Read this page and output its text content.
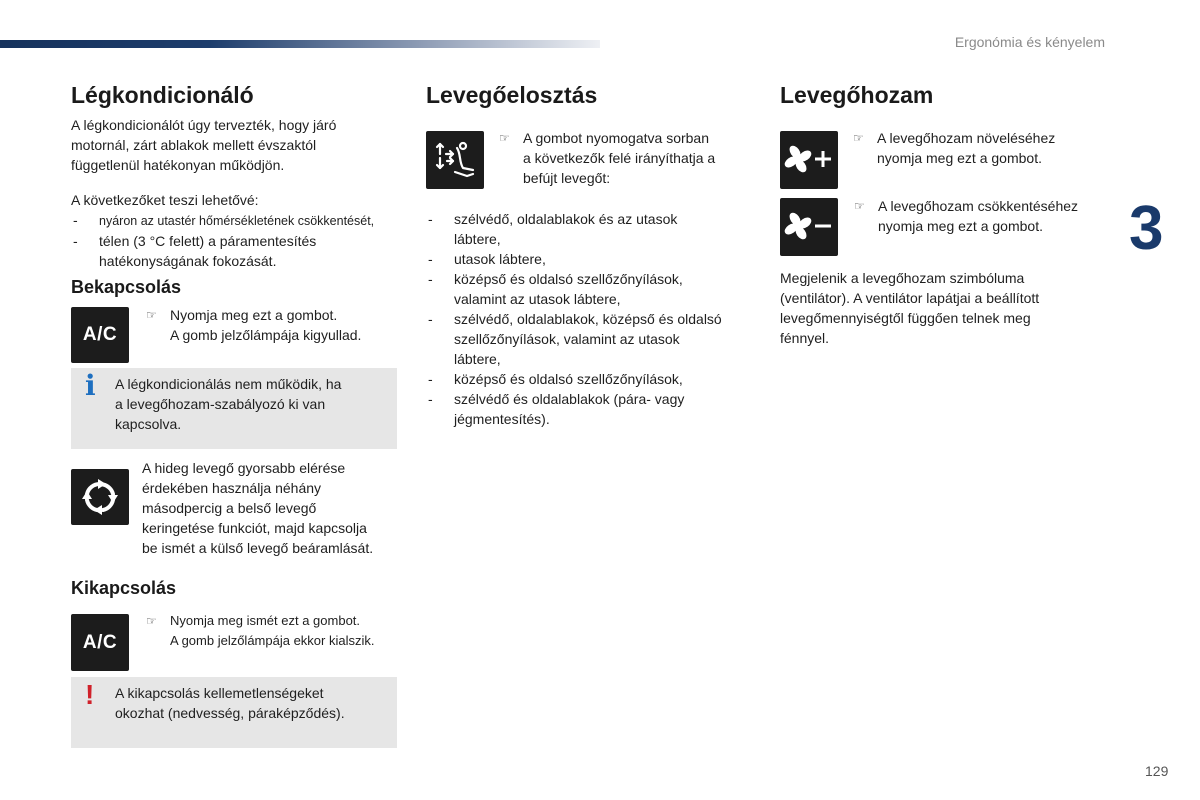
Ergonómia és kényelem
3
129
Légkondicionáló
A légkondicionálót úgy tervezték, hogy járó
motornál, zárt ablakok mellett évszaktól
függetlenül hatékonyan működjön.
A következőket teszi lehetővé:
- nyáron az utastér hőmérsékletének csökkentését,
- télen (3 °C felett) a páramentesítés
hatékonyságának fokozását.
Bekapcsolás
A/C
☞ Nyomja meg ezt a gombot.
A gomb jelzőlámpája kigyullad.
i A légkondicionálás nem működik, ha
a levegőhozam-szabályozó ki van
kapcsolva.
A hideg levegő gyorsabb elérése
érdekében használja néhány
másodpercig a belső levegő
keringetése funkciót, majd kapcsolja
be ismét a külső levegő beáramlását.
Kikapcsolás
A/C
☞ Nyomja meg ismét ezt a gombot.
A gomb jelzőlámpája ekkor kialszik.
! A kikapcsolás kellemetlenségeket
okozhat (nedvesség, páraképződés).
Levegőelosztás
☞ A gombot nyomogatva sorban
a következők felé irányíthatja a
befújt levegőt:
- szélvédő, oldalablakok és az utasok
lábtere,
- utasok lábtere,
- középső és oldalsó szellőzőnyílások,
valamint az utasok lábtere,
- szélvédő, oldalablakok, középső és oldalsó
szellőzőnyílások, valamint az utasok
lábtere,
- középső és oldalsó szellőzőnyílások,
- szélvédő és oldalablakok (pára- vagy
jégmentesítés).
Levegőhozam
☞ A levegőhozam növeléséhez
nyomja meg ezt a gombot.
☞ A levegőhozam csökkentéséhez
nyomja meg ezt a gombot.
Megjelenik a levegőhozam szimbóluma
(ventilátor). A ventilátor lapátjai a beállított
levegőmennyiségtől függően telnek meg
fénnyel.
